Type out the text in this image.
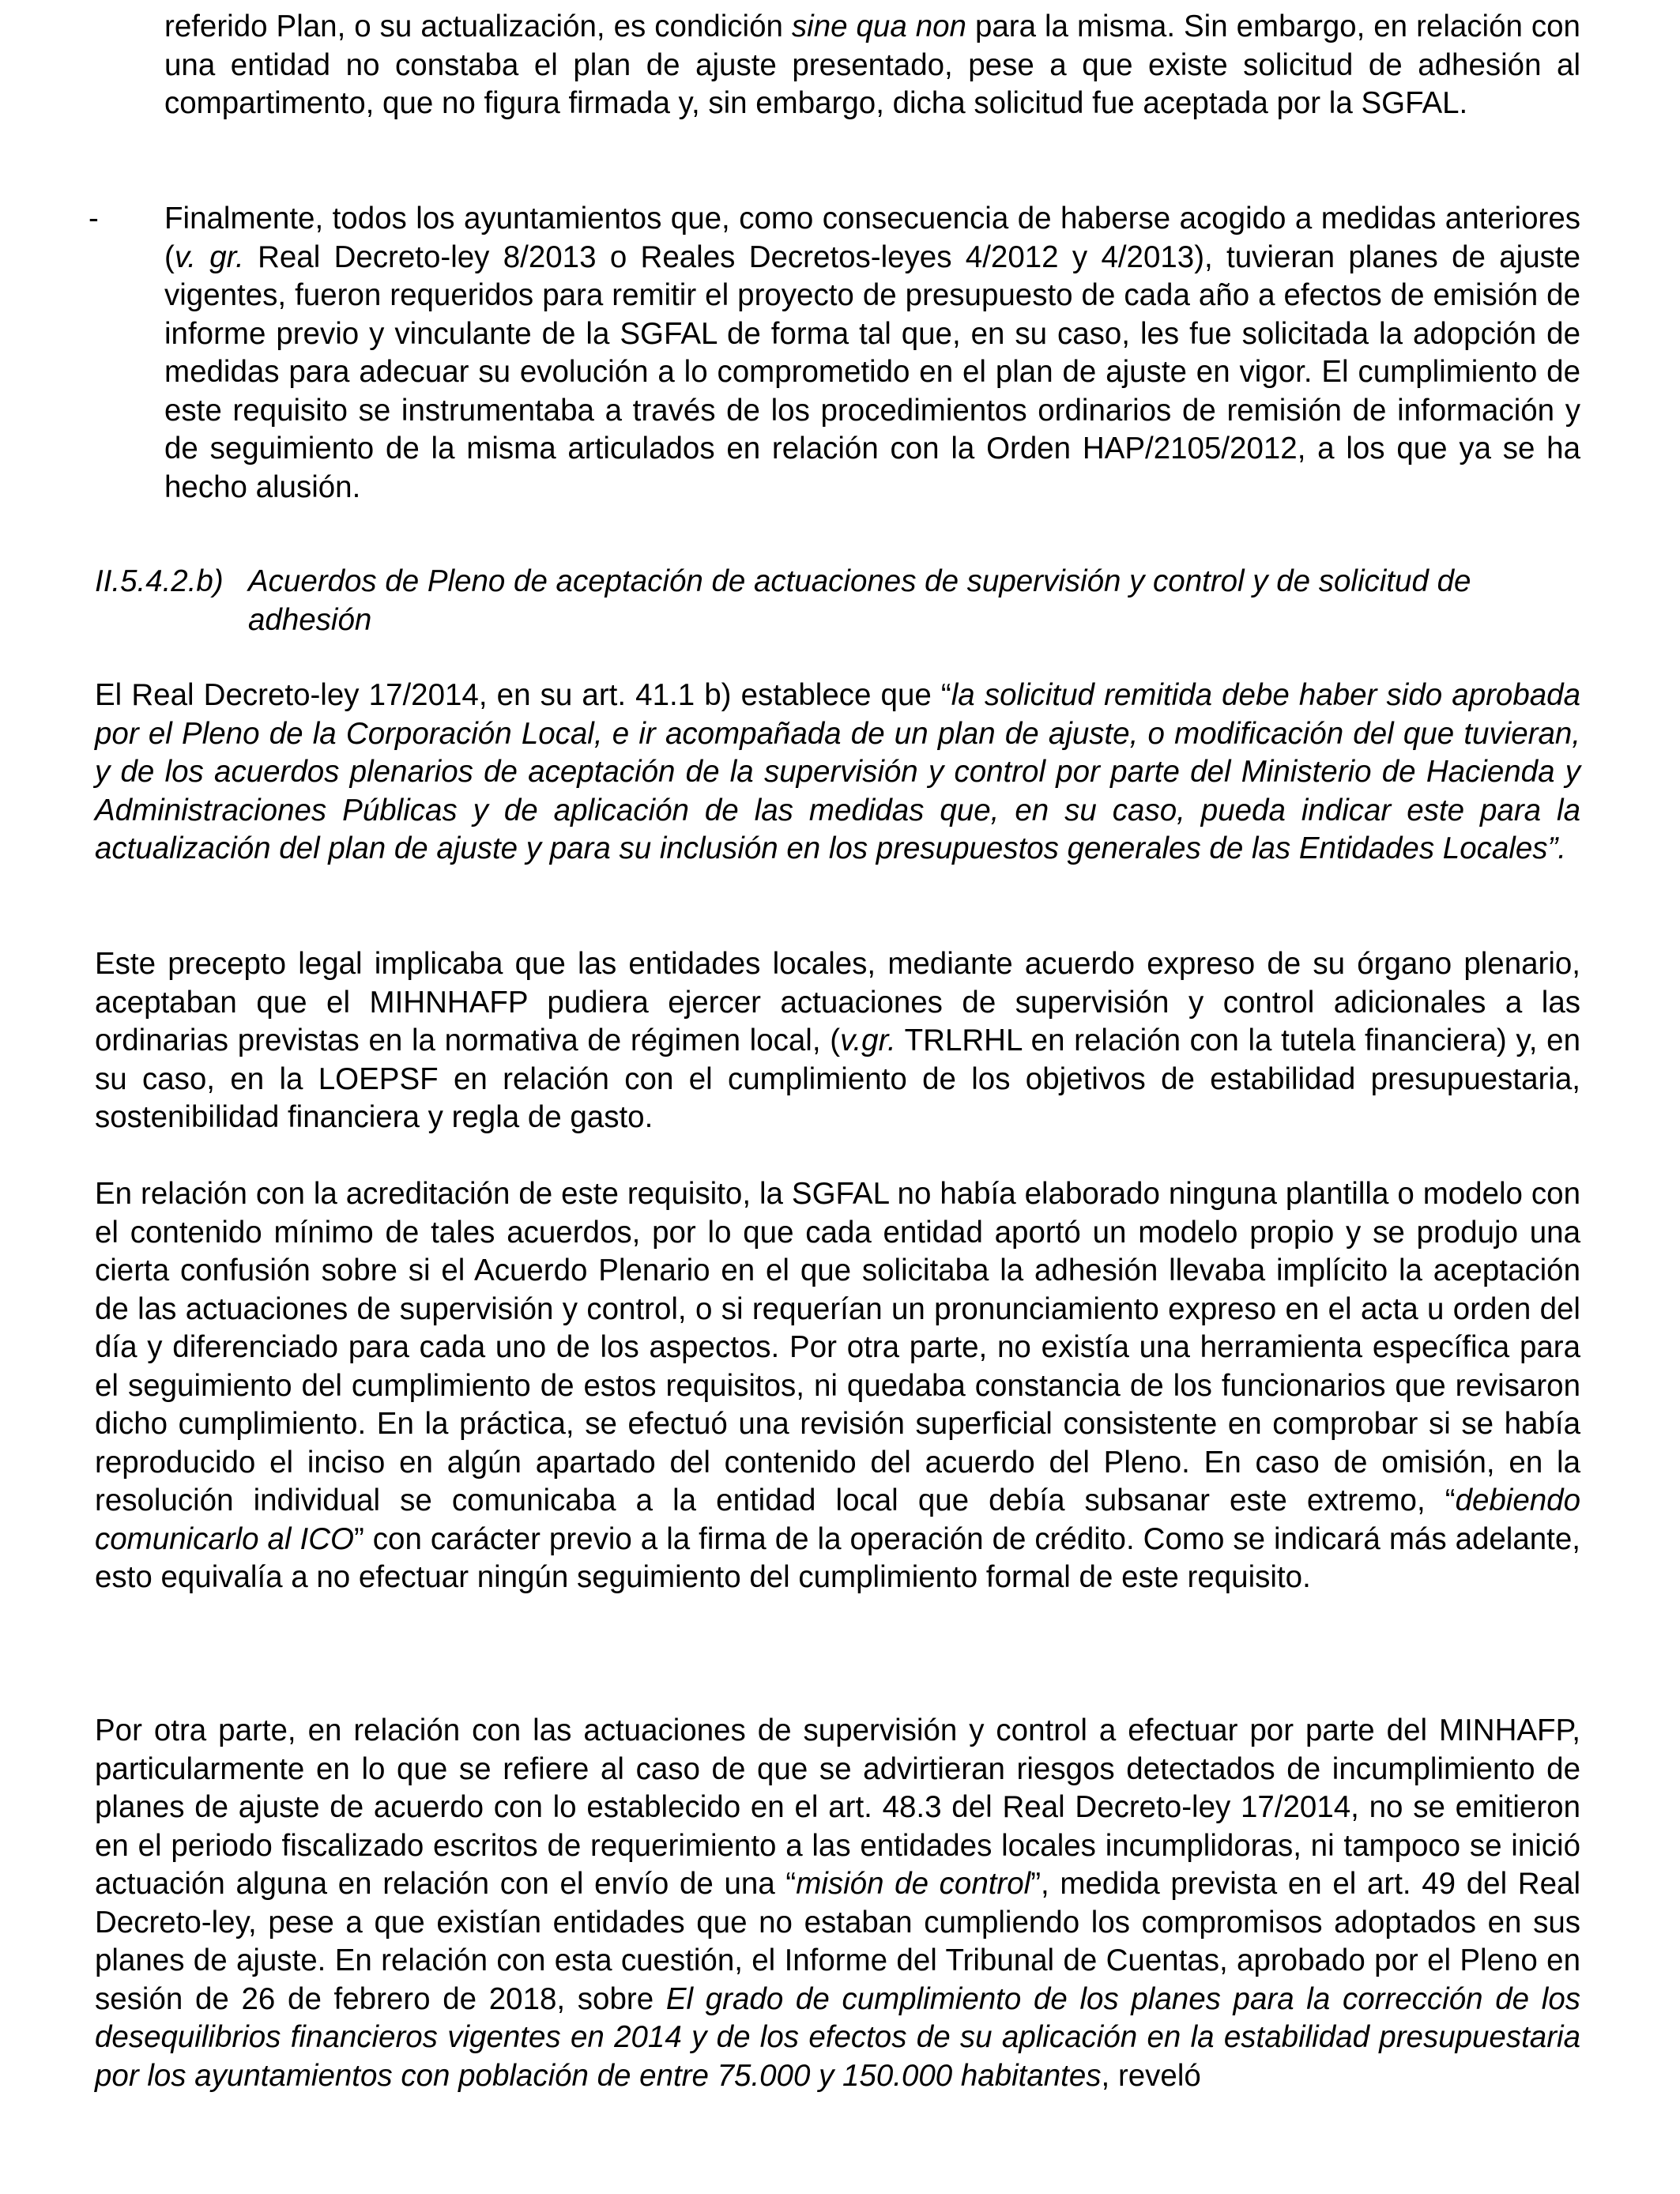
referido Plan, o su actualización, es condición sine qua non para la misma. Sin embargo, en relación con una entidad no constaba el plan de ajuste presentado, pese a que existe solicitud de adhesión al compartimento, que no figura firmada y, sin embargo, dicha solicitud fue aceptada por la SGFAL.

-	Finalmente, todos los ayuntamientos que, como consecuencia de haberse acogido a medidas anteriores (v. gr. Real Decreto-ley 8/2013 o Reales Decretos-leyes 4/2012 y 4/2013), tuvieran planes de ajuste vigentes, fueron requeridos para remitir el proyecto de presupuesto de cada año a efectos de emisión de informe previo y vinculante de la SGFAL de forma tal que, en su caso, les fue solicitada la adopción de medidas para adecuar su evolución a lo comprometido en el plan de ajuste en vigor. El cumplimiento de este requisito se instrumentaba a través de los procedimientos ordinarios de remisión de información y de seguimiento de la misma articulados en relación con la Orden HAP/2105/2012, a los que ya se ha hecho alusión.

II.5.4.2.b) Acuerdos de Pleno de aceptación de actuaciones de supervisión y control y de solicitud de adhesión

El Real Decreto-ley 17/2014, en su art. 41.1 b) establece que “la solicitud remitida debe haber sido aprobada por el Pleno de la Corporación Local, e ir acompañada de un plan de ajuste, o modificación del que tuvieran, y de los acuerdos plenarios de aceptación de la supervisión y control por parte del Ministerio de Hacienda y Administraciones Públicas y de aplicación de las medidas que, en su caso, pueda indicar este para la actualización del plan de ajuste y para su inclusión en los presupuestos generales de las Entidades Locales”.

Este precepto legal implicaba que las entidades locales, mediante acuerdo expreso de su órgano plenario, aceptaban que el MIHNHAFP pudiera ejercer actuaciones de supervisión y control adicionales a las ordinarias previstas en la normativa de régimen local, (v.gr. TRLRHL en relación con la tutela financiera) y, en su caso, en la LOEPSF en relación con el cumplimiento de los objetivos de estabilidad presupuestaria, sostenibilidad financiera y regla de gasto.

En relación con la acreditación de este requisito, la SGFAL no había elaborado ninguna plantilla o modelo con el contenido mínimo de tales acuerdos, por lo que cada entidad aportó un modelo propio y se produjo una cierta confusión sobre si el Acuerdo Plenario en el que solicitaba la adhesión llevaba implícito la aceptación de las actuaciones de supervisión y control, o si requerían un pronunciamiento expreso en el acta u orden del día y diferenciado para cada uno de los aspectos. Por otra parte, no existía una herramienta específica para el seguimiento del cumplimiento de estos requisitos, ni quedaba constancia de los funcionarios que revisaron dicho cumplimiento. En la práctica, se efectuó una revisión superficial consistente en comprobar si se había reproducido el inciso en algún apartado del contenido del acuerdo del Pleno. En caso de omisión, en la resolución individual se comunicaba a la entidad local que debía subsanar este extremo, “debiendo comunicarlo al ICO” con carácter previo a la firma de la operación de crédito. Como se indicará más adelante, esto equivalía a no efectuar ningún seguimiento del cumplimiento formal de este requisito.

Por otra parte, en relación con las actuaciones de supervisión y control a efectuar por parte del MINHAFP, particularmente en lo que se refiere al caso de que se advirtieran riesgos detectados de incumplimiento de planes de ajuste de acuerdo con lo establecido en el art. 48.3 del Real Decreto-ley 17/2014, no se emitieron en el periodo fiscalizado escritos de requerimiento a las entidades locales incumplidoras, ni tampoco se inició actuación alguna en relación con el envío de una “misión de control”, medida prevista en el art. 49 del Real Decreto-ley, pese a que existían entidades que no estaban cumpliendo los compromisos adoptados en sus planes de ajuste. En relación con esta cuestión, el Informe del Tribunal de Cuentas, aprobado por el Pleno en sesión de 26 de febrero de 2018, sobre El grado de cumplimiento de los planes para la corrección de los desequilibrios financieros vigentes en 2014 y de los efectos de su aplicación en la estabilidad presupuestaria por los ayuntamientos con población de entre 75.000 y 150.000 habitantes, reveló
